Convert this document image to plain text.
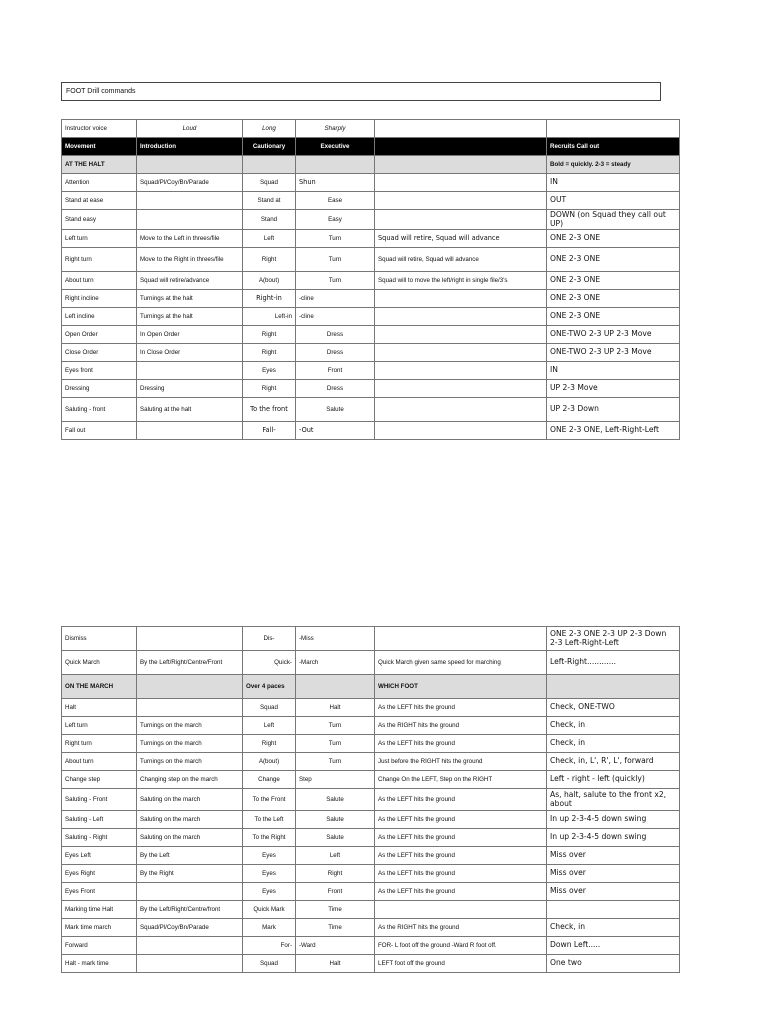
FOOT Drill commands
Instructor voice	Loud	Long	Sharply		
Movement	Introduction	Cautionary	Executive		Recruits Call out
AT THE HALT					Bold = quickly. 2-3 = steady
Attention	Squad/Pl/Coy/Bn/Parade	Squad	Shun		IN
Stand at ease		Stand at	Ease		OUT
Stand easy		Stand	Easy		DOWN (on Squad they call out UP)
Left turn	Move to the Left in threes/file	Left	Turn	Squad will retire, Squad will advance	ONE 2-3 ONE
Right turn	Move to the Right in threes/file	Right	Turn	Squad will retire, Squad will advance	ONE 2-3 ONE
About turn	Squad will retire/advance	A(bout)	Turn	Squad will to move the left/right in single file/3's	ONE 2-3 ONE
Right incline	Turnings at the halt	Right-in	-cline		ONE 2-3 ONE
Left incline	Turnings at the halt	Left-in	-cline		ONE 2-3 ONE
Open Order	In Open Order	Right	Dress		ONE-TWO 2-3 UP 2-3 Move
Close Order	In Close Order	Right	Dress		ONE-TWO 2-3 UP 2-3 Move
Eyes front		Eyes	Front		IN
Dressing	Dressing	Right	Dress		UP 2-3 Move
Saluting - front	Saluting at the halt	To the front	Salute		UP 2-3 Down
Fall out		Fall-	-Out		ONE 2-3 ONE, Left-Right-Left
Dismiss		Dis-	-Miss		ONE 2-3 ONE 2-3 UP 2-3 Down 2-3 Left-Right-Left
Quick March	By the Left/Right/Centre/Front	Quick-	-March	Quick March given same speed for marching	Left-Right............
ON THE MARCH		Over 4 paces		WHICH FOOT	
Halt		Squad	Halt	As the LEFT hits the ground	Check, ONE-TWO
Left turn	Turnings on the march	Left	Turn	As the RIGHT hits the ground	Check, in
Right turn	Turnings on the march	Right	Turn	As the LEFT hits the ground	Check, in
About turn	Turnings on the march	A(bout)	Turn	Just before the RIGHT hits the ground	Check, in, L', R', L', forward
Change step	Changing step on the march	Change	Step	Change On the LEFT, Step on the RIGHT	Left - right - left (quickly)
Saluting - Front	Saluting on the march	To the Front	Salute	As the LEFT hits the ground	As, halt, salute to the front x2, about
Saluting - Left	Saluting on the march	To the Left	Salute	As the LEFT hits the ground	In up 2-3-4-5 down swing
Saluting - Right	Saluting on the march	To the Right	Salute	As the LEFT hits the ground	In up 2-3-4-5 down swing
Eyes Left	By the Left	Eyes	Left	As the LEFT hits the ground	Miss over
Eyes Right	By the Right	Eyes	Right	As the LEFT hits the ground	Miss over
Eyes Front		Eyes	Front	As the LEFT hits the ground	Miss over
Marking time Halt	By the Left/Right/Centre/front	Quick Mark	Time		
Mark time march	Squad/Pl/Coy/Bn/Parade	Mark	Time	As the RIGHT hits the ground	Check, in
Forward		For-	-Ward	FOR- L foot off the ground -Ward R foot off.	Down Left.....
Halt - mark time		Squad	Halt	LEFT foot off the ground	One two
